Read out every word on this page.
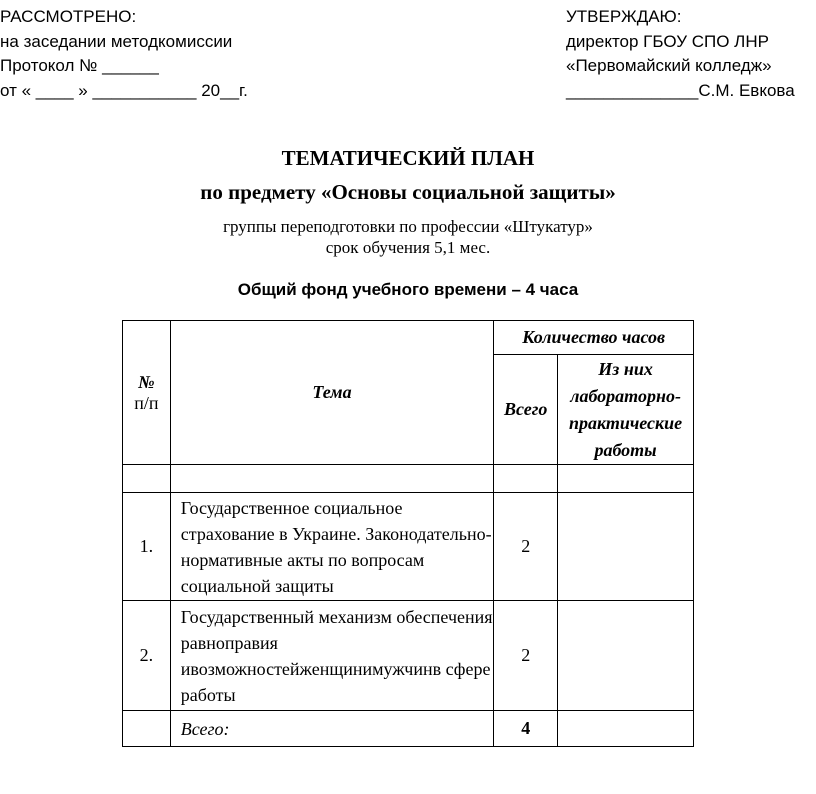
РАССМОТРЕНО:
на заседании методкомиссии
Протокол № ______
от « ____ » ___________ 20__г.
УТВЕРЖДАЮ:
директор ГБОУ СПО ЛНР
«Первомайский колледж»
______________С.М. Евкова
ТЕМАТИЧЕСКИЙ ПЛАН
по предмету «Основы социальной защиты»
группы переподготовки по профессии «Штукатур»
срок обучения 5,1 мес.
Общий фонд учебного времени – 4 часа
№
п/п	Тема	Количество часов	
		Всего	Из них лабораторно-практические работы

1.	Государственное социальное страхование в Украине. Законодательно-нормативные акты по вопросам социальной защиты	2	
2.	Государственный механизм обеспечения равноправия ивозможностейженщинимужчинв сфере работы	2	
	Всего:	4	
